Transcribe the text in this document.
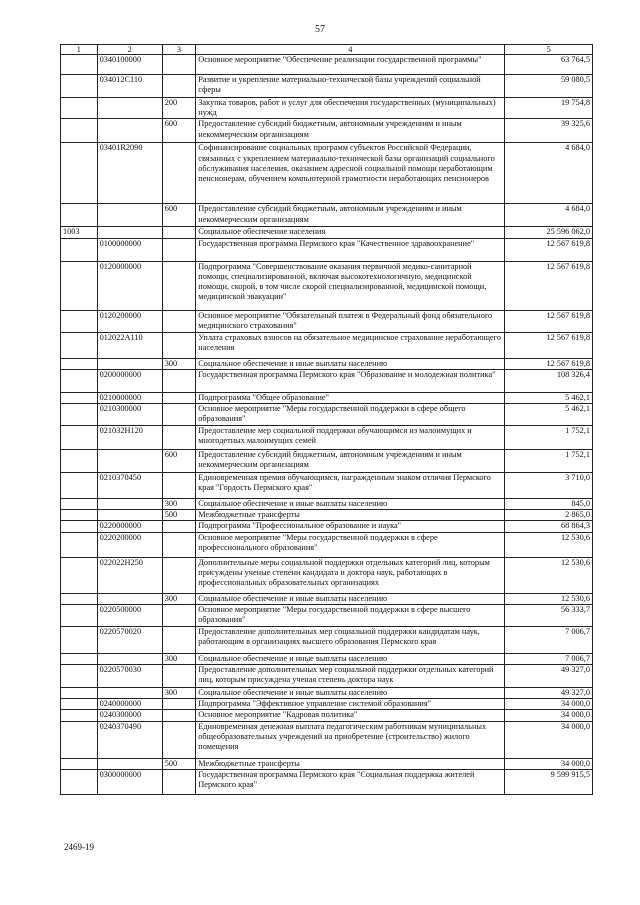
57
1	2	3	4	5
	0340100000		Основное мероприятие "Обеспечение реализации государственной программы"	63 764,5
	034012С110		Развитие и укрепление материально-технической базы учреждений социальной сферы	59 080,5
		200	Закупка товаров, работ и услуг для обеспечения государственных (муниципальных) нужд	19 754,8
		600	Предоставление субсидий бюджетным, автономным учреждениям и иным некоммерческим организациям	39 325,6
	03401R2090		Софинансирование социальных программ субъектов Российской Федерации, связанных с укреплением материально-технической базы организаций социального обслуживания населения, оказанием адресной социальной помощи неработающим пенсионерам, обучением компьютерной грамотности неработающих пенсионеров	4 684,0
		600	Предоставление субсидий бюджетным, автономным учреждениям и иным некоммерческим организациям	4 684,0
1003			Социальное обеспечение населения	25 596 062,0
	0100000000		Государственная программа Пермского края "Качественное здравоохранение"	12 567 619,8
	0120000000		Подпрограмма "Совершенствование оказания первичной медико-санитарной помощи, специализированной, включая высокотехнологичную, медицинской помощи, скорой, в том числе скорой специализированной, медицинской помощи, медицинской эвакуации"	12 567 619,8
	0120200000		Основное мероприятие "Обязательный платеж в Федеральный фонд обязательного медицинского страхования"	12 567 619,8
	012022А110		Уплата страховых взносов на обязательное медицинское страхование неработающего населения	12 567 619,8
		300	Социальное обеспечение и иные выплаты населению	12 567 619,8
	0200000000		Государственная программа Пермского края "Образование и молодежная политика"	108 326,4
	0210000000		Подпрограмма "Общее образование"	5 462,1
	0210300000		Основное мероприятие "Меры государственной поддержки в сфере общего образования"	5 462,1
	021032Н120		Предоставление мер социальной поддержки обучающимся из малоимущих и многодетных малоимущих семей	1 752,1
		600	Предоставление субсидий бюджетным, автономным учреждениям и иным некоммерческим организациям	1 752,1
	0210370450		Единовременная премия обучающимся, награжденным знаком отличия Пермского края "Гордость Пермского края"	3 710,0
		300	Социальное обеспечение и иные выплаты населению	845,0
		500	Межбюджетные трансферты	2 865,0
	0220000000		Подпрограмма "Профессиональное образование и наука"	68 864,3
	0220200000		Основное мероприятие "Меры государственной поддержки в сфере профессионального образования"	12 530,6
	022022Н250		Дополнительные меры социальной поддержки отдельных категорий лиц, которым присуждены ученые степени кандидата и доктора наук, работающих в профессиональных образовательных организациях	12 530,6
		300	Социальное обеспечение и иные выплаты населению	12 530,6
	0220500000		Основное мероприятие "Меры государственной поддержки в сфере высшего образования"	56 333,7
	0220570020		Предоставление дополнительных мер социальной поддержки кандидатам наук, работающим в организациях высшего образования Пермского края	7 006,7
		300	Социальное обеспечение и иные выплаты населению	7 006,7
	0220570030		Предоставление дополнительных мер социальной поддержки отдельных категорий лиц, которым присуждена ученая степень доктора наук	49 327,0
		300	Социальное обеспечение и иные выплаты населению	49 327,0
	0240000000		Подпрограмма "Эффективное управление системой образования"	34 000,0
	0240300000		Основное мероприятие "Кадровая политика"	34 000,0
	0240370490		Единовременная денежная выплата педагогическим работникам муниципальных общеобразовательных учреждений на приобретение (строительство) жилого помещения	34 000,0
		500	Межбюджетные трансферты	34 000,0
	0300000000		Государственная программа Пермского края "Социальная поддержка жителей Пермского края"	9 599 915,5
2469-19
